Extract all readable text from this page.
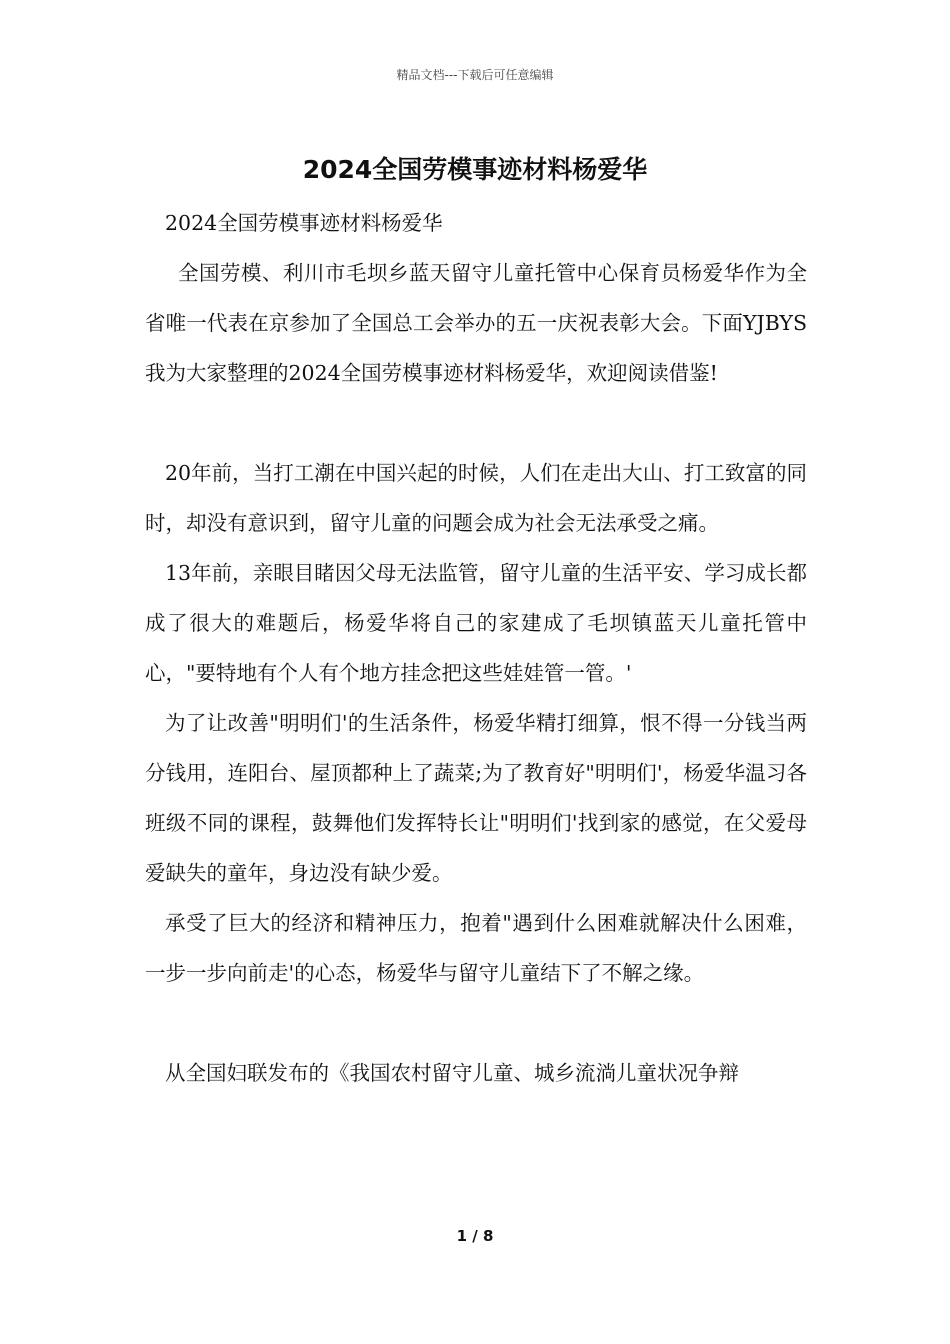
精品文档---下载后可任意编辑
2024全国劳模事迹材料杨爱华

2024全国劳模事迹材料杨爱华

全国劳模、利川市毛坝乡蓝天留守儿童托管中心保育员杨爱华作为全省唯一代表在京参加了全国总工会举办的五一庆祝表彰大会。下面YJBYS我为大家整理的2024全国劳模事迹材料杨爱华，欢迎阅读借鉴!

20年前，当打工潮在中国兴起的时候，人们在走出大山、打工致富的同时，却没有意识到，留守儿童的问题会成为社会无法承受之痛。

13年前，亲眼目睹因父母无法监管，留守儿童的生活平安、学习成长都成了很大的难题后，杨爱华将自己的家建成了毛坝镇蓝天儿童托管中心，"要特地有个人有个地方挂念把这些娃娃管一管。'

为了让改善"明明们'的生活条件，杨爱华精打细算，恨不得一分钱当两分钱用，连阳台、屋顶都种上了蔬菜;为了教育好"明明们'，杨爱华温习各班级不同的课程，鼓舞他们发挥特长让"明明们'找到家的感觉，在父爱母爱缺失的童年，身边没有缺少爱。

承受了巨大的经济和精神压力，抱着"遇到什么困难就解决什么困难，一步一步向前走'的心态，杨爱华与留守儿童结下了不解之缘。

从全国妇联发布的《我国农村留守儿童、城乡流淌儿童状况争辩

1 / 8
